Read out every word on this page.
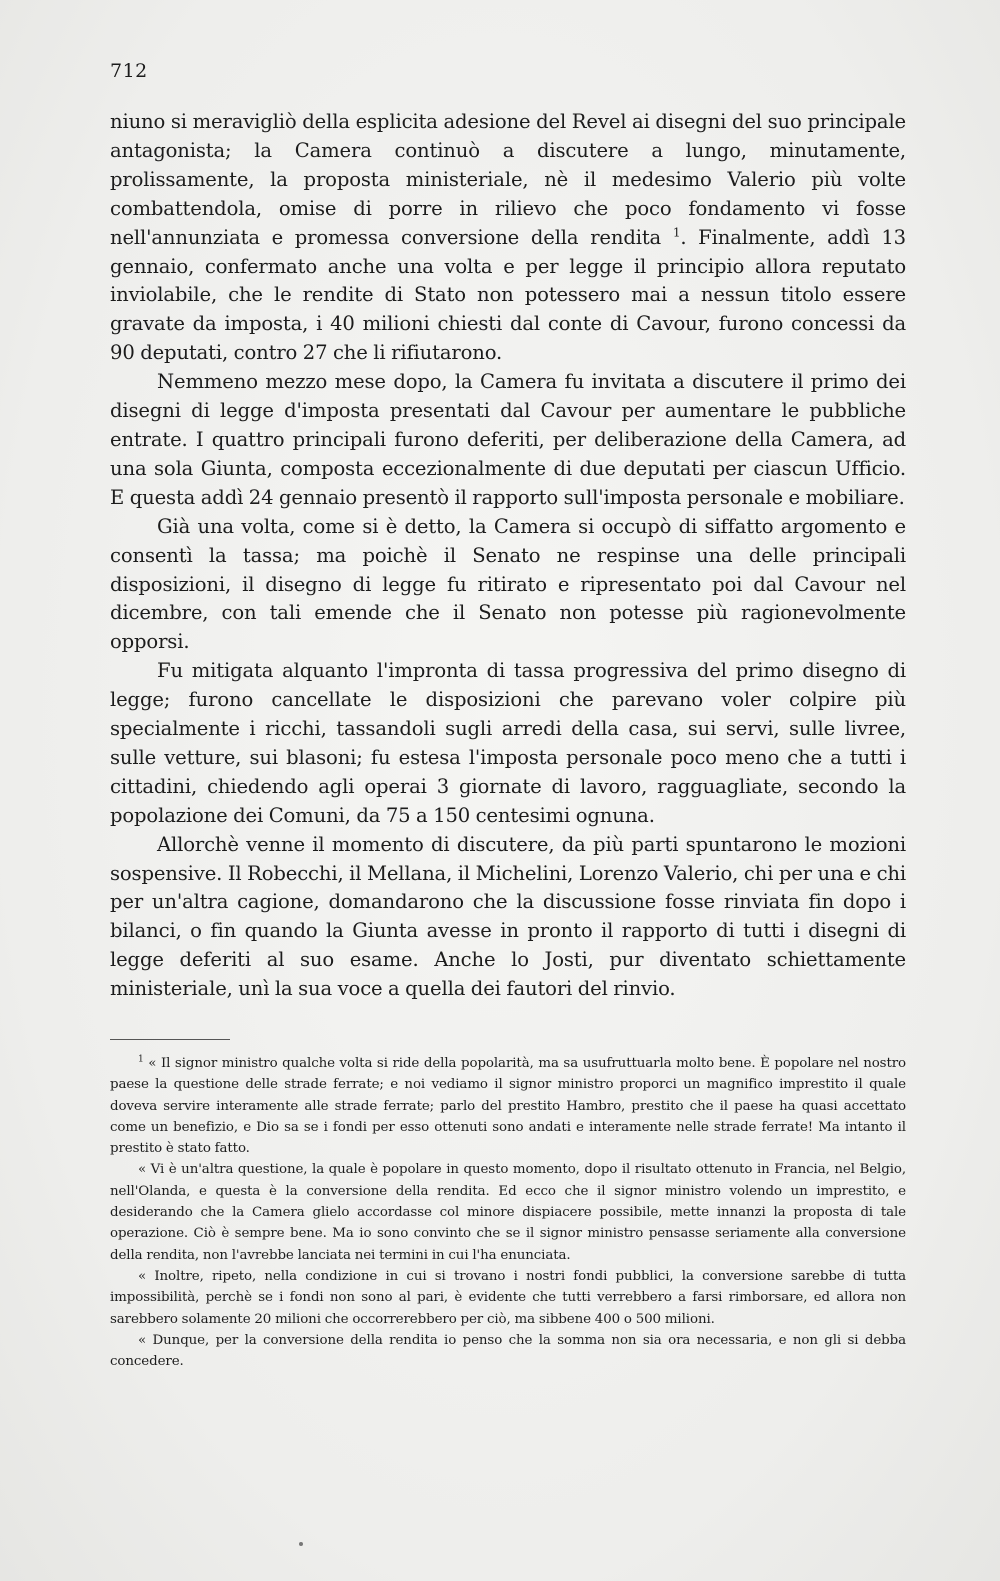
712

niuno si meravigliò della esplicita adesione del Revel ai disegni del suo principale antagonista; la Camera continuò a discutere a lungo, minutamente, prolissamente, la proposta ministeriale, nè il medesimo Valerio più volte combattendola, omise di porre in rilievo che poco fondamento vi fosse nell'annunziata e promessa conversione della rendita $^1$. Finalmente, addì 13 gennaio, confermato anche una volta e per legge il principio allora reputato inviolabile, che le rendite di Stato non potessero mai a nessun titolo essere gravate da imposta, i 40 milioni chiesti dal conte di Cavour, furono concessi da 90 deputati, contro 27 che li rifiutarono.

Nemmeno mezzo mese dopo, la Camera fu invitata a discutere il primo dei disegni di legge d'imposta presentati dal Cavour per aumentare le pubbliche entrate. I quattro principali furono deferiti, per deliberazione della Camera, ad una sola Giunta, composta eccezionalmente di due deputati per ciascun Ufficio. E questa addì 24 gennaio presentò il rapporto sull'imposta personale e mobiliare.

Già una volta, come si è detto, la Camera si occupò di siffatto argomento e consentì la tassa; ma poichè il Senato ne respinse una delle principali disposizioni, il disegno di legge fu ritirato e ripresentato poi dal Cavour nel dicembre, con tali emende che il Senato non potesse più ragionevolmente opporsi.

Fu mitigata alquanto l'impronta di tassa progressiva del primo disegno di legge; furono cancellate le disposizioni che parevano voler colpire più specialmente i ricchi, tassandoli sugli arredi della casa, sui servi, sulle livree, sulle vetture, sui blasoni; fu estesa l'imposta personale poco meno che a tutti i cittadini, chiedendo agli operai 3 giornate di lavoro, ragguagliate, secondo la popolazione dei Comuni, da 75 a 150 centesimi ognuna.

Allorchè venne il momento di discutere, da più parti spuntarono le mozioni sospensive. Il Robecchi, il Mellana, il Michelini, Lorenzo Valerio, chi per una e chi per un'altra cagione, domandarono che la discussione fosse rinviata fin dopo i bilanci, o fin quando la Giunta avesse in pronto il rapporto di tutti i disegni di legge deferiti al suo esame. Anche lo Josti, pur diventato schiettamente ministeriale, unì la sua voce a quella dei fautori del rinvio.

$^1$ « Il signor ministro qualche volta si ride della popolarità, ma sa usufruttuarla molto bene. È popolare nel nostro paese la questione delle strade ferrate; e noi vediamo il signor ministro proporci un magnifico imprestito il quale doveva servire interamente alle strade ferrate; parlo del prestito Hambro, prestito che il paese ha quasi accettato come un benefizio, e Dio sa se i fondi per esso ottenuti sono andati e interamente nelle strade ferrate! Ma intanto il prestito è stato fatto.

« Vi è un'altra questione, la quale è popolare in questo momento, dopo il risultato ottenuto in Francia, nel Belgio, nell'Olanda, e questa è la conversione della rendita. Ed ecco che il signor ministro volendo un imprestito, e desiderando che la Camera glielo accordasse col minore dispiacere possibile, mette innanzi la proposta di tale operazione. Ciò è sempre bene. Ma io sono convinto che se il signor ministro pensasse seriamente alla conversione della rendita, non l'avrebbe lanciata nei termini in cui l'ha enunciata.

« Inoltre, ripeto, nella condizione in cui si trovano i nostri fondi pubblici, la conversione sarebbe di tutta impossibilità, perchè se i fondi non sono al pari, è evidente che tutti verrebbero a farsi rimborsare, ed allora non sarebbero solamente 20 milioni che occorrerebbero per ciò, ma sibbene 400 o 500 milioni.

« Dunque, per la conversione della rendita io penso che la somma non sia ora necessaria, e non gli si debba concedere.
